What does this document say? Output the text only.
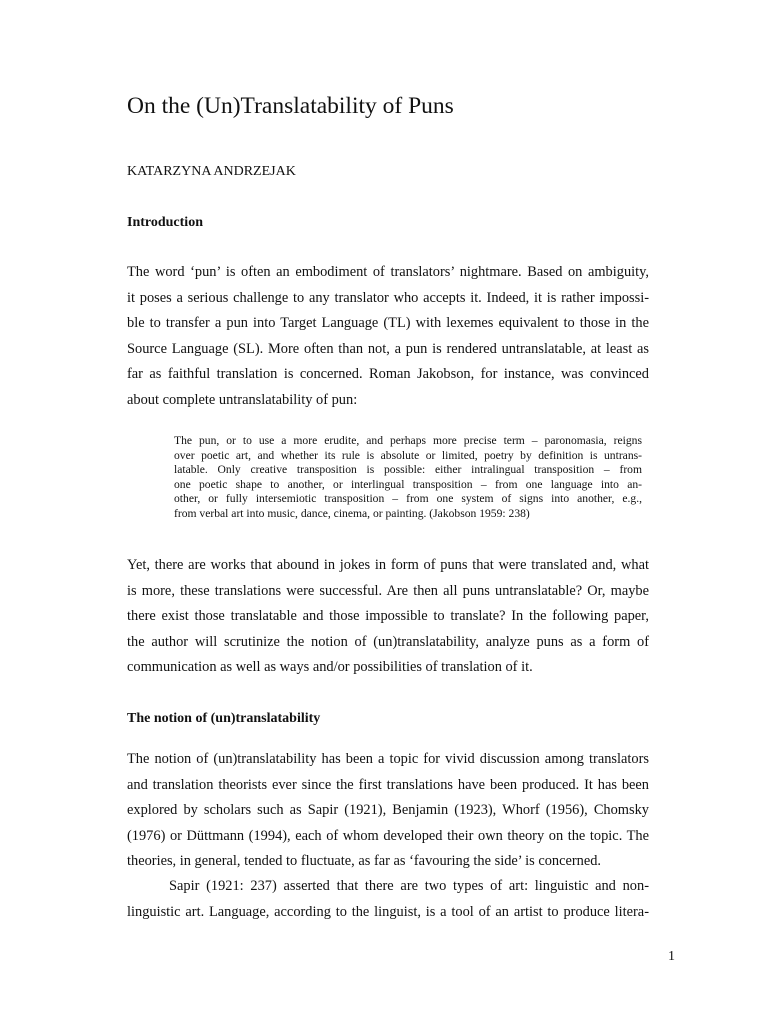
On the (Un)Translatability of Puns

KATARZYNA ANDRZEJAK

Introduction
The word ‘pun’ is often an embodiment of translators’ nightmare. Based on ambiguity,
it poses a serious challenge to any translator who accepts it. Indeed, it is rather impossi-
ble to transfer a pun into Target Language (TL) with lexemes equivalent to those in the
Source Language (SL). More often than not, a pun is rendered untranslatable, at least as
far as faithful translation is concerned. Roman Jakobson, for instance, was convinced
about complete untranslatability of pun:
The pun, or to use a more erudite, and perhaps more precise term – paronomasia, reigns
over poetic art, and whether its rule is absolute or limited, poetry by definition is untrans-
latable. Only creative transposition is possible: either intralingual transposition – from
one poetic shape to another, or interlingual transposition – from one language into an-
other, or fully intersemiotic transposition – from one system of signs into another, e.g.,
from verbal art into music, dance, cinema, or painting. (Jakobson 1959: 238)
Yet, there are works that abound in jokes in form of puns that were translated and, what
is more, these translations were successful. Are then all puns untranslatable? Or, maybe
there exist those translatable and those impossible to translate? In the following paper,
the author will scrutinize the notion of (un)translatability, analyze puns as a form of
communication as well as ways and/or possibilities of translation of it.
The notion of (un)translatability
The notion of (un)translatability has been a topic for vivid discussion among translators
and translation theorists ever since the first translations have been produced. It has been
explored by scholars such as Sapir (1921), Benjamin (1923), Whorf (1956), Chomsky
(1976) or Düttmann (1994), each of whom developed their own theory on the topic. The
theories, in general, tended to fluctuate, as far as ‘favouring the side’ is concerned.
Sapir (1921: 237) asserted that there are two types of art: linguistic and non-
linguistic art. Language, according to the linguist, is a tool of an artist to produce litera-

1
